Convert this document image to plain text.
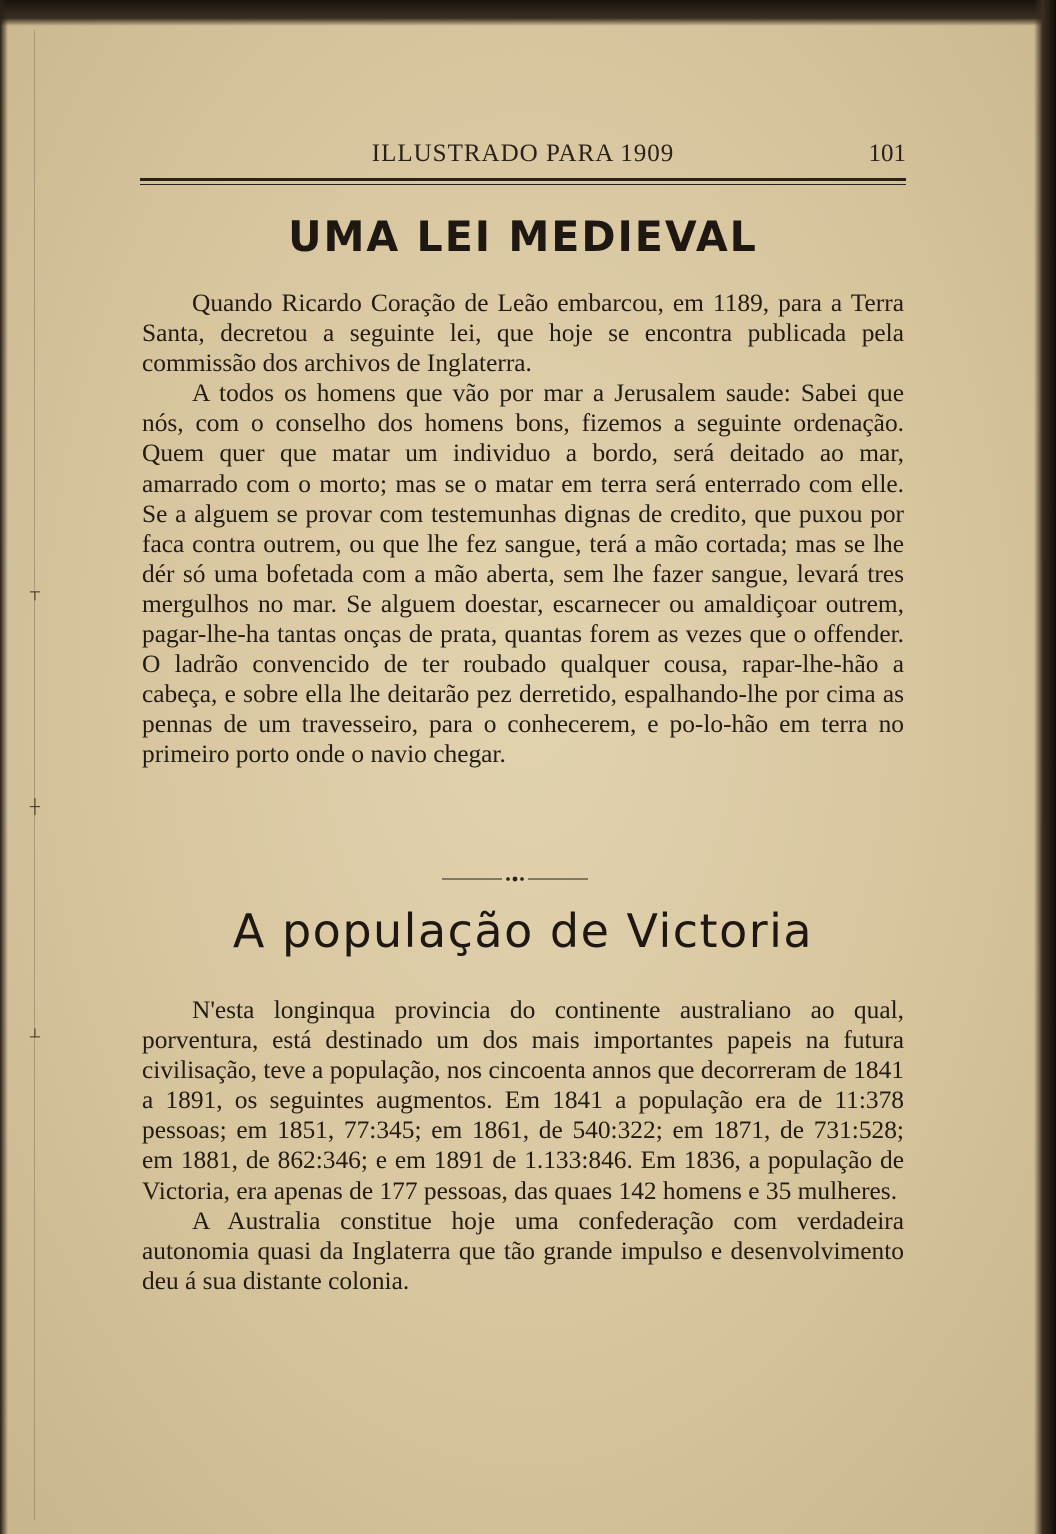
ILLUSTRADO PARA 1909	101
UMA LEI MEDIEVAL

Quando Ricardo Coração de Leão embarcou, em 1189, para a Terra Santa, decretou a seguinte lei, que hoje se encontra publicada pela commissão dos archivos de Inglaterra.

A todos os homens que vão por mar a Jerusalem saude: Sabei que nós, com o conselho dos homens bons, fizemos a seguinte ordenação. Quem quer que matar um individuo a bordo, será deitado ao mar, amarrado com o morto; mas se o matar em terra será enterrado com elle. Se a alguem se provar com testemunhas dignas de credito, que puxou por faca contra outrem, ou que lhe fez sangue, terá a mão cortada; mas se lhe dér só uma bofetada com a mão aberta, sem lhe fazer sangue, levará tres mergulhos no mar. Se alguem doestar, escarnecer ou amaldiçoar outrem, pagar-lhe-ha tantas onças de prata, quantas forem as vezes que o offender. O ladrão convencido de ter roubado qualquer cousa, rapar-lhe-hão a cabeça, e sobre ella lhe deitarão pez derretido, espalhando-lhe por cima as pennas de um travesseiro, para o conhecerem, e po-lo-hão em terra no primeiro porto onde o navio chegar.

A população de Victoria

N'esta longinqua provincia do continente australiano ao qual, porventura, está destinado um dos mais importantes papeis na futura civilisação, teve a população, nos cincoenta annos que decorreram de 1841 a 1891, os seguintes augmentos. Em 1841 a população era de 11:378 pessoas; em 1851, 77:345; em 1861, de 540:322; em 1871, de 731:528; em 1881, de 862:346; e em 1891 de 1.133:846. Em 1836, a população de Victoria, era apenas de 177 pessoas, das quaes 142 homens e 35 mulheres.

A Australia constitue hoje uma confederação com verdadeira autonomia quasi da Inglaterra que tão grande impulso e desenvolvimento deu á sua distante colonia.

┬
┼
┴
